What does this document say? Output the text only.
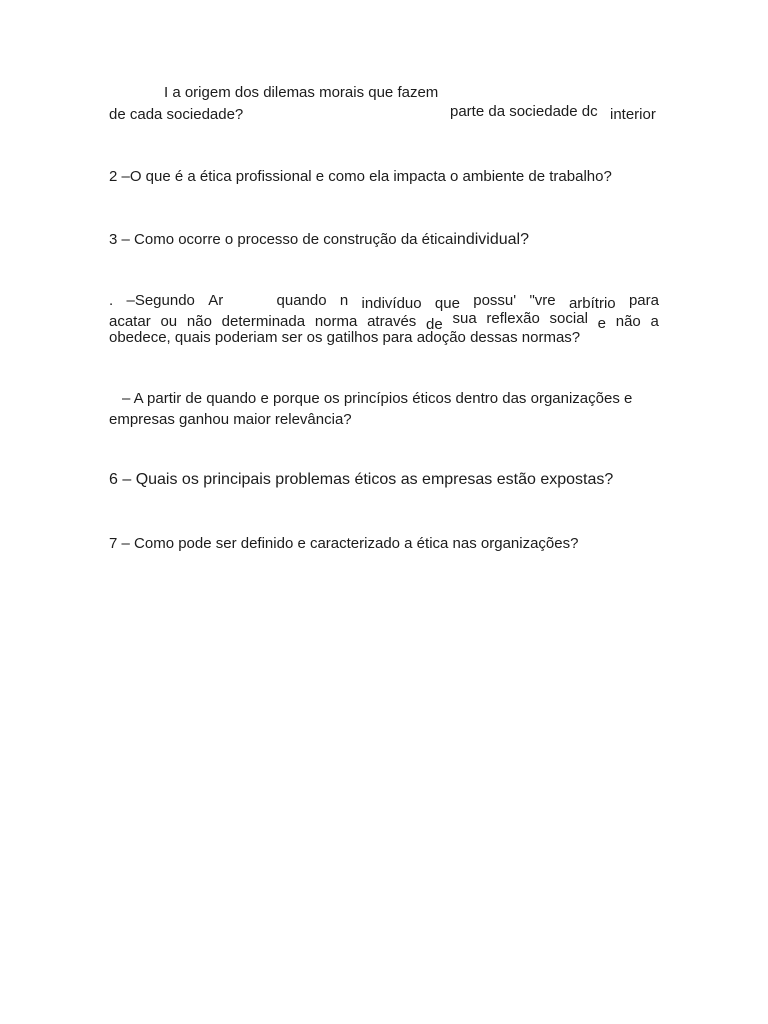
I a origem dos dilemas morais que fazem
de cada sociedade?	parte da sociedade dc interior
2 –O que é a ética profissional e como ela impacta o ambiente de trabalho?
3 – Como ocorre o processo de construção da éticaindividual?
. –Segundo Ar	quando n indivíduo que possu' "vre arbítrio para
acatar ou não determinada norma através de sua reflexão social e não a
obedece, quais poderiam ser os gatilhos para adoção dessas normas?
– A partir de quando e porque os princípios éticos dentro das organizações e
empresas ganhou maior relevância?
6 – Quais os principais problemas éticos as empresas estão expostas?
7 – Como pode ser definido e caracterizado a ética nas organizações?
